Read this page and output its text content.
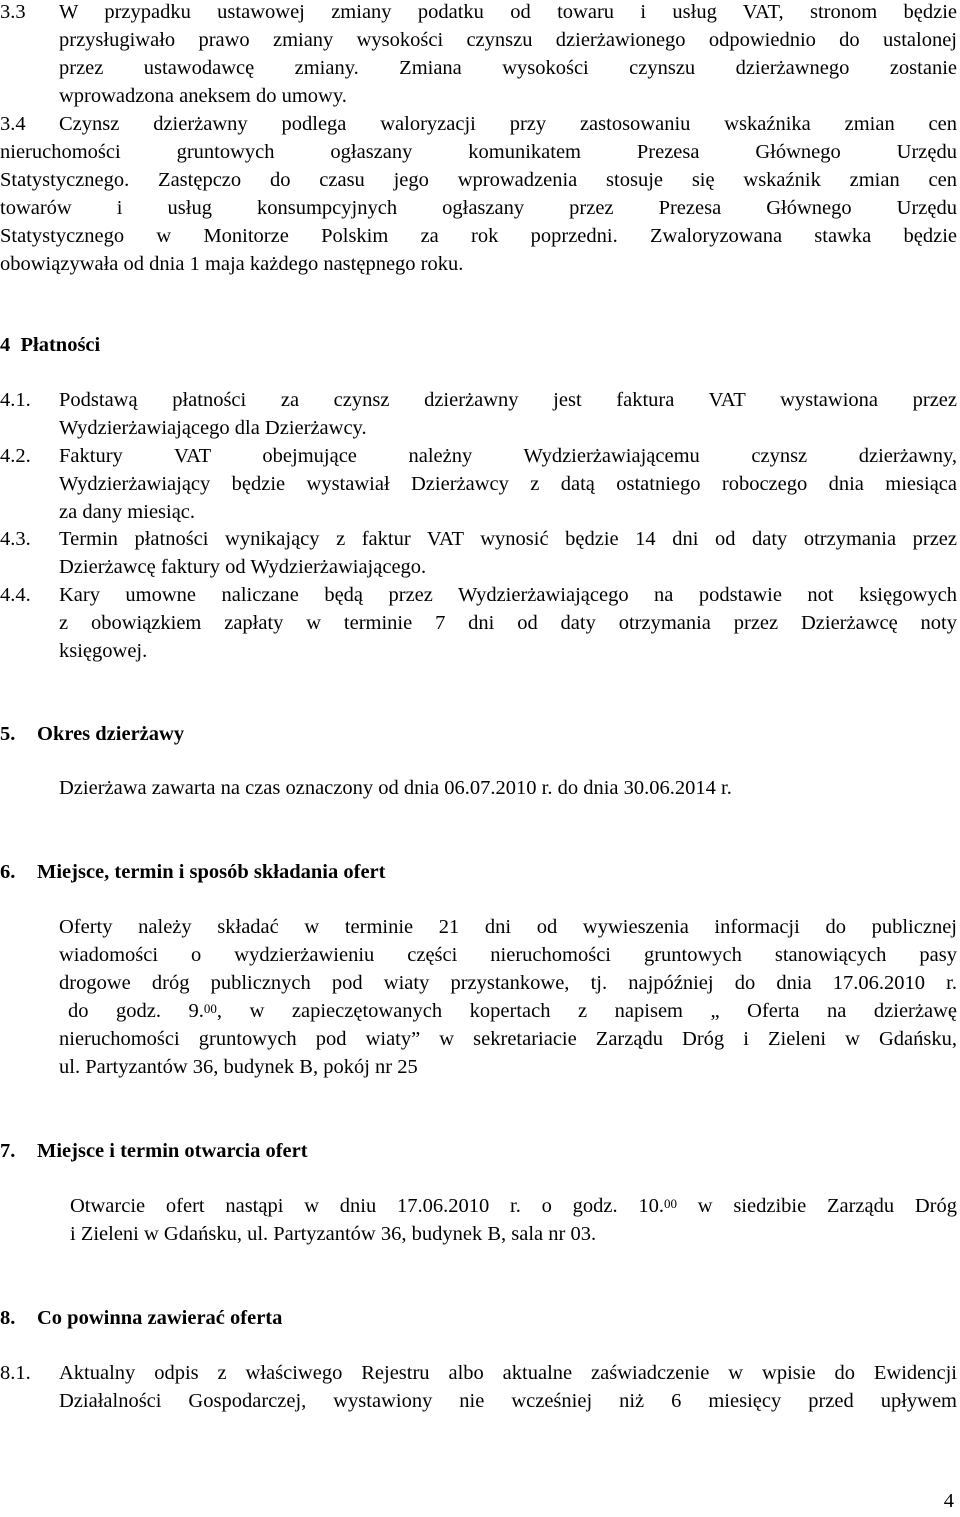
3.3 W przypadku ustawowej zmiany podatku od towaru i usług VAT, stronom będzie
przysługiwało prawo zmiany wysokości czynszu dzierżawionego odpowiednio do ustalonej
przez ustawodawcę zmiany. Zmiana wysokości czynszu dzierżawnego zostanie
wprowadzona aneksem do umowy.
3.4 Czynsz dzierżawny podlega waloryzacji przy zastosowaniu wskaźnika zmian cen
nieruchomości gruntowych ogłaszany komunikatem Prezesa Głównego Urzędu
Statystycznego. Zastępczo do czasu jego wprowadzenia stosuje się wskaźnik zmian cen
towarów i usług konsumpcyjnych ogłaszany przez Prezesa Głównego Urzędu
Statystycznego w Monitorze Polskim za rok poprzedni. Zwaloryzowana stawka będzie
obowiązywała od dnia 1 maja każdego następnego roku.
4  Płatności
4.1. Podstawą płatności za czynsz dzierżawny jest faktura VAT wystawiona przez
Wydzierżawiającego dla Dzierżawcy.
4.2. Faktury VAT obejmujące należny Wydzierżawiającemu czynsz dzierżawny,
Wydzierżawiający będzie wystawiał Dzierżawcy z datą ostatniego roboczego dnia miesiąca
za dany miesiąc.
4.3. Termin płatności wynikający z faktur VAT wynosić będzie 14 dni od daty otrzymania przez
Dzierżawcę faktury od Wydzierżawiającego.
4.4. Kary umowne naliczane będą przez Wydzierżawiającego na podstawie not księgowych
z obowiązkiem zapłaty w terminie 7 dni od daty otrzymania przez Dzierżawcę noty
księgowej.
5. Okres dzierżawy
Dzierżawa zawarta na czas oznaczony od dnia 06.07.2010 r. do dnia 30.06.2014 r.
6. Miejsce, termin i sposób składania ofert
Oferty należy składać w terminie 21 dni od wywieszenia informacji do publicznej
wiadomości o wydzierżawieniu części nieruchomości gruntowych stanowiących pasy
drogowe dróg publicznych pod wiaty przystankowe, tj. najpóźniej do dnia 17.06.2010 r.
do godz. 9.00, w zapieczętowanych kopertach z napisem „ Oferta na dzierżawę
nieruchomości gruntowych pod wiaty” w sekretariacie Zarządu Dróg i Zieleni w Gdańsku,
ul. Partyzantów 36, budynek B, pokój nr 25
7. Miejsce i termin otwarcia ofert
Otwarcie ofert nastąpi w dniu 17.06.2010 r. o godz. 10.00 w siedzibie Zarządu Dróg
i Zieleni w Gdańsku, ul. Partyzantów 36, budynek B, sala nr 03.
8. Co powinna zawierać oferta
8.1. Aktualny odpis z właściwego Rejestru albo aktualne zaświadczenie w wpisie do Ewidencji
Działalności Gospodarczej, wystawiony nie wcześniej niż 6 miesięcy przed upływem
4
